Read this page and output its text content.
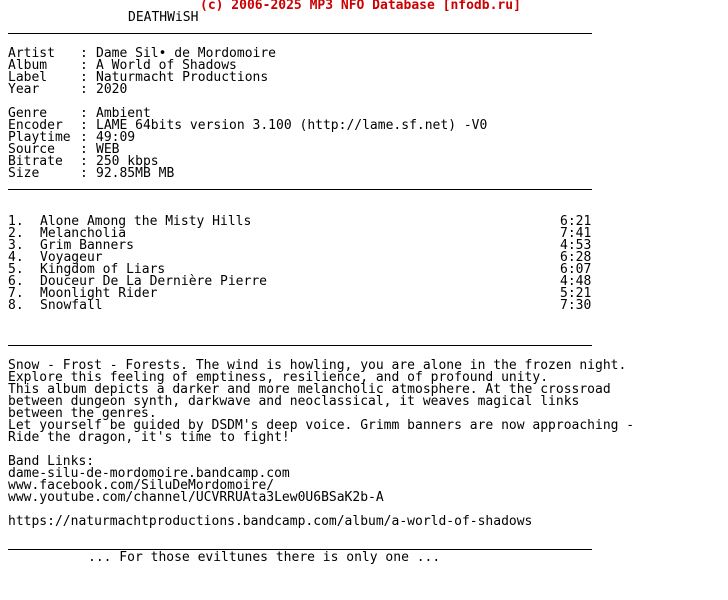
(c) 2006-2025 MP3 NFO Database [nfodb.ru]
DEATHWiSH
Artist : Dame Sil• de Mordomoire
Album	: A World of Shadows
Label	: Naturmacht Productions
Year	: 2020
Genre	: Ambient
Encoder : LAME 64bits version 3.100 (http://lame.sf.net) -V0
Playtime : 49:09
Source : WEB
Bitrate : 250 kbps
Size	: 92.85MB MB
1. Alone Among the Misty Hills	6:21
2. Melancholia	7:41
3. Grim Banners	4:53
4. Voyageur	6:28
5. Kingdom of Liars	6:07
6. Douceur De La Dernière Pierre	4:48
7. Moonlight Rider	5:21
8. Snowfall	7:30
Snow - Frost - Forests. The wind is howling, you are alone in the frozen night.
Explore this feeling of emptiness, resilience, and of profound unity.
This album depicts a darker and more melancholic atmosphere. At the crossroad
between dungeon synth, darkwave and neoclassical, it weaves magical links
between the genres.
Let yourself be guided by DSDM's deep voice. Grimm banners are now approaching -
Ride the dragon, it's time to fight!
Band Links:
dame-silu-de-mordomoire.bandcamp.com
www.facebook.com/SiluDeMordomoire/
www.youtube.com/channel/UCVRRUAta3Lew0U6BSaK2b-A
https://naturmachtproductions.bandcamp.com/album/a-world-of-shadows
... For those eviltunes there is only one ...
